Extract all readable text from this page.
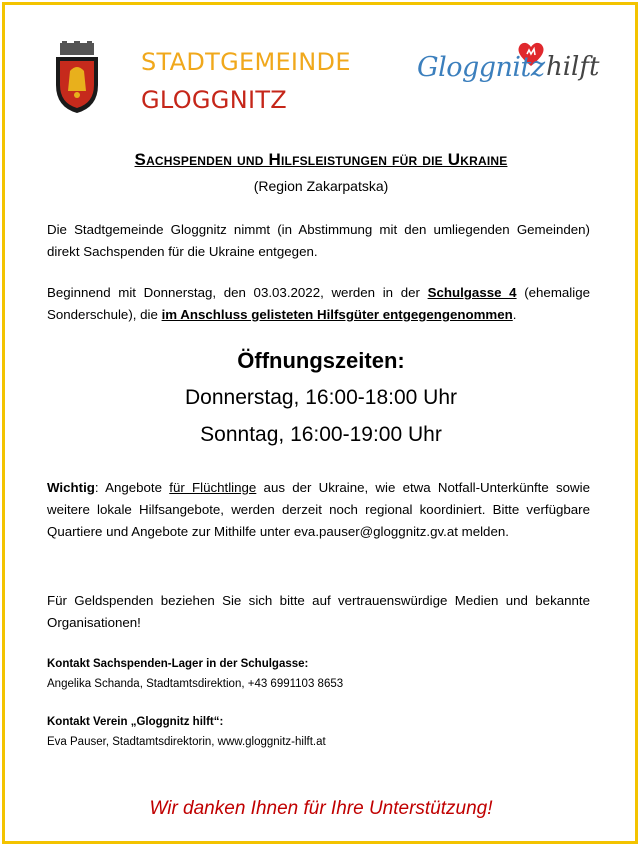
STADTGEMEINDE
GLOGGNITZ
Gloggnitz hilft
Sachspenden und Hilfsleistungen für die Ukraine
(Region Zakarpatska)
Die Stadtgemeinde Gloggnitz nimmt (in Abstimmung mit den umliegenden Gemeinden) direkt Sachspenden für die Ukraine entgegen.
Beginnend mit Donnerstag, den 03.03.2022, werden in der Schulgasse 4 (ehemalige Sonderschule), die im Anschluss gelisteten Hilfsgüter entgegengenommen.
Öffnungszeiten:
Donnerstag, 16:00-18:00 Uhr
Sonntag, 16:00-19:00 Uhr
Wichtig: Angebote für Flüchtlinge aus der Ukraine, wie etwa Notfall-Unterkünfte sowie weitere lokale Hilfsangebote, werden derzeit noch regional koordiniert. Bitte verfügbare Quartiere und Angebote zur Mithilfe unter eva.pauser@gloggnitz.gv.at melden.
Für Geldspenden beziehen Sie sich bitte auf vertrauenswürdige Medien und bekannte Organisationen!
Kontakt Sachspenden-Lager in der Schulgasse:
Angelika Schanda, Stadtamtsdirektion, +43 6991103 8653
Kontakt Verein „Gloggnitz hilft“:
Eva Pauser, Stadtamtsdirektorin, www.gloggnitz-hilft.at
Wir danken Ihnen für Ihre Unterstützung!
